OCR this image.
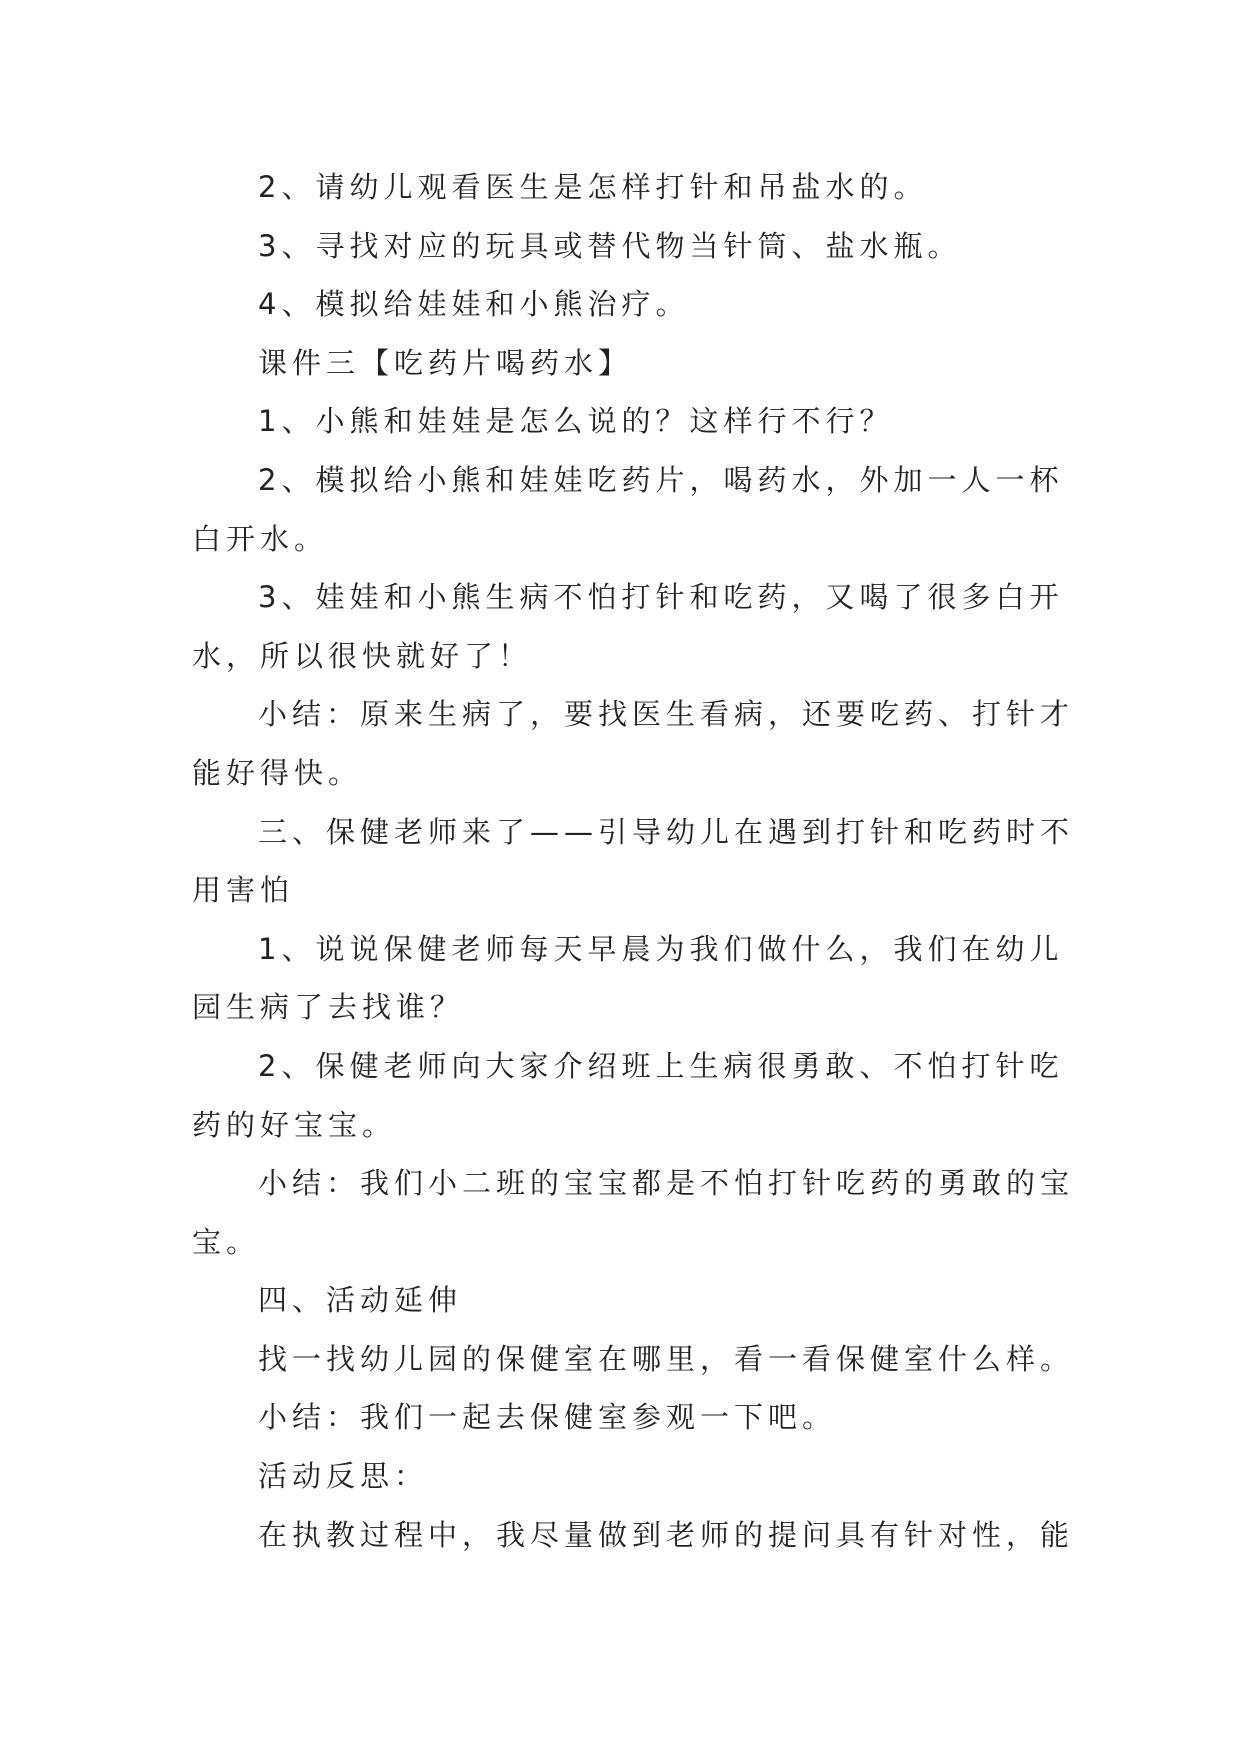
2、请幼儿观看医生是怎样打针和吊盐水的。
3、寻找对应的玩具或替代物当针筒、盐水瓶。
4、模拟给娃娃和小熊治疗。
课件三【吃药片喝药水】
1、小熊和娃娃是怎么说的？这样行不行？
2、模拟给小熊和娃娃吃药片，喝药水，外加一人一杯
白开水。
3、娃娃和小熊生病不怕打针和吃药，又喝了很多白开
水，所以很快就好了！
小结：原来生病了，要找医生看病，还要吃药、打针才
能好得快。
三、保健老师来了——引导幼儿在遇到打针和吃药时不
用害怕
1、说说保健老师每天早晨为我们做什么，我们在幼儿
园生病了去找谁？
2、保健老师向大家介绍班上生病很勇敢、不怕打针吃
药的好宝宝。
小结：我们小二班的宝宝都是不怕打针吃药的勇敢的宝
宝。
四、活动延伸
找一找幼儿园的保健室在哪里，看一看保健室什么样。
小结：我们一起去保健室参观一下吧。
活动反思：
在执教过程中，我尽量做到老师的提问具有针对性，能
